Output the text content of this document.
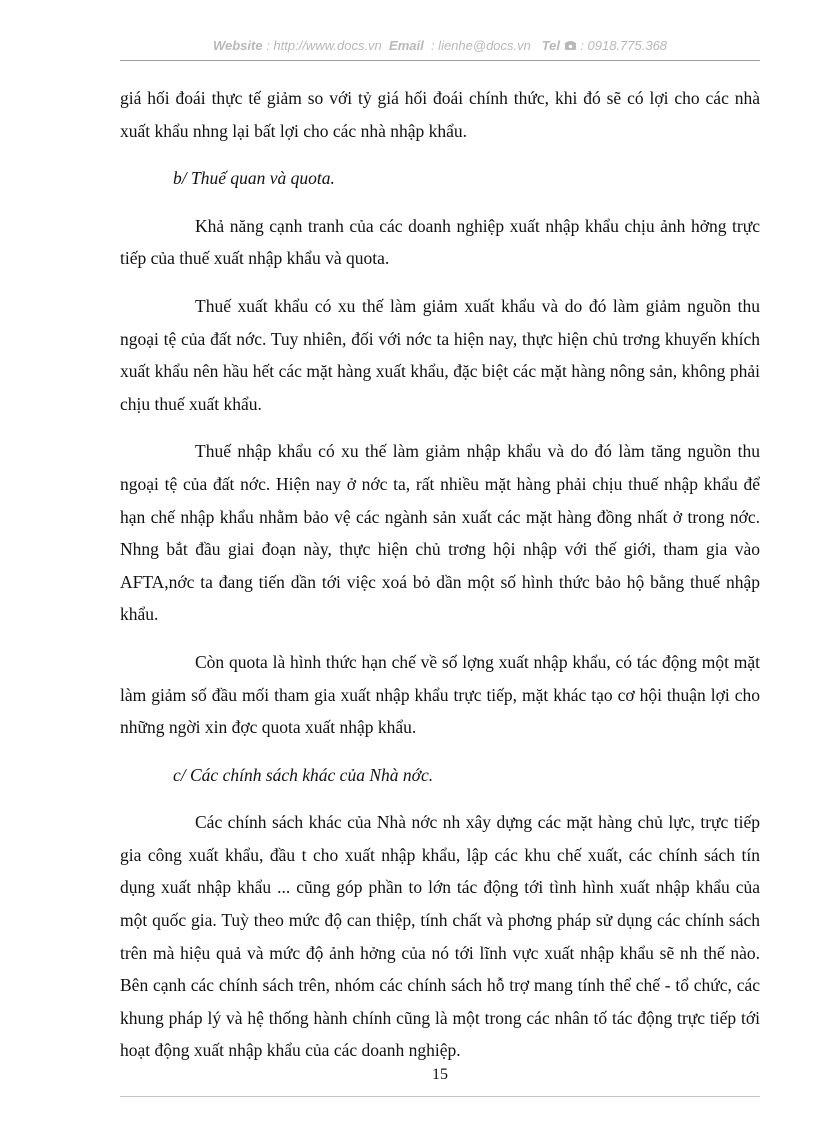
Website : http://www.docs.vn Email : lienhe@docs.vn Tel : 0918.775.368

giá hối đoái thực tế giảm so với tỷ giá hối đoái chính thức, khi đó sẽ có lợi cho các nhà xuất khẩu nhng lại bất lợi cho các nhà nhập khẩu.

b/ Thuế quan và quota.

Khả năng cạnh tranh của các doanh nghiệp xuất nhập khẩu chịu ảnh hởng trực tiếp của thuế xuất nhập khẩu và quota.

Thuế xuất khẩu có xu thế làm giảm xuất khẩu và do đó làm giảm nguồn thu ngoại tệ của đất nớc. Tuy nhiên, đối với nớc ta hiện nay, thực hiện chủ trơng khuyến khích xuất khẩu nên hầu hết các mặt hàng xuất khẩu, đặc biệt các mặt hàng nông sản, không phải chịu thuế xuất khẩu.

Thuế nhập khẩu có xu thế làm giảm nhập khẩu và do đó làm tăng nguồn thu ngoại tệ của đất nớc. Hiện nay ở nớc ta, rất nhiều mặt hàng phải chịu thuế nhập khẩu để hạn chế nhập khẩu nhằm bảo vệ các ngành sản xuất các mặt hàng đồng nhất ở trong nớc. Nhng bắt đầu giai đoạn này, thực hiện chủ trơng hội nhập với thế giới, tham gia vào AFTA,nớc ta đang tiến dần tới việc xoá bỏ dần một số hình thức bảo hộ bằng thuế nhập khẩu.

Còn quota là hình thức hạn chế về số lợng xuất nhập khẩu, có tác động một mặt làm giảm số đầu mối tham gia xuất nhập khẩu trực tiếp, mặt khác tạo cơ hội thuận lợi cho những ngời xin đợc quota xuất nhập khẩu.

c/ Các chính sách khác của Nhà nớc.

Các chính sách khác của Nhà nớc nh xây dựng các mặt hàng chủ lực, trực tiếp gia công xuất khẩu, đầu t cho xuất nhập khẩu, lập các khu chế xuất, các chính sách tín dụng xuất nhập khẩu ... cũng góp phần to lớn tác động tới tình hình xuất nhập khẩu của một quốc gia. Tuỳ theo mức độ can thiệp, tính chất và phơng pháp sử dụng các chính sách trên mà hiệu quả và mức độ ảnh hởng của nó tới lĩnh vực xuất nhập khẩu sẽ nh thế nào. Bên cạnh các chính sách trên, nhóm các chính sách hỗ trợ mang tính thể chế - tổ chức, các khung pháp lý và hệ thống hành chính cũng là một trong các nhân tố tác động trực tiếp tới hoạt động xuất nhập khẩu của các doanh nghiệp.

15
